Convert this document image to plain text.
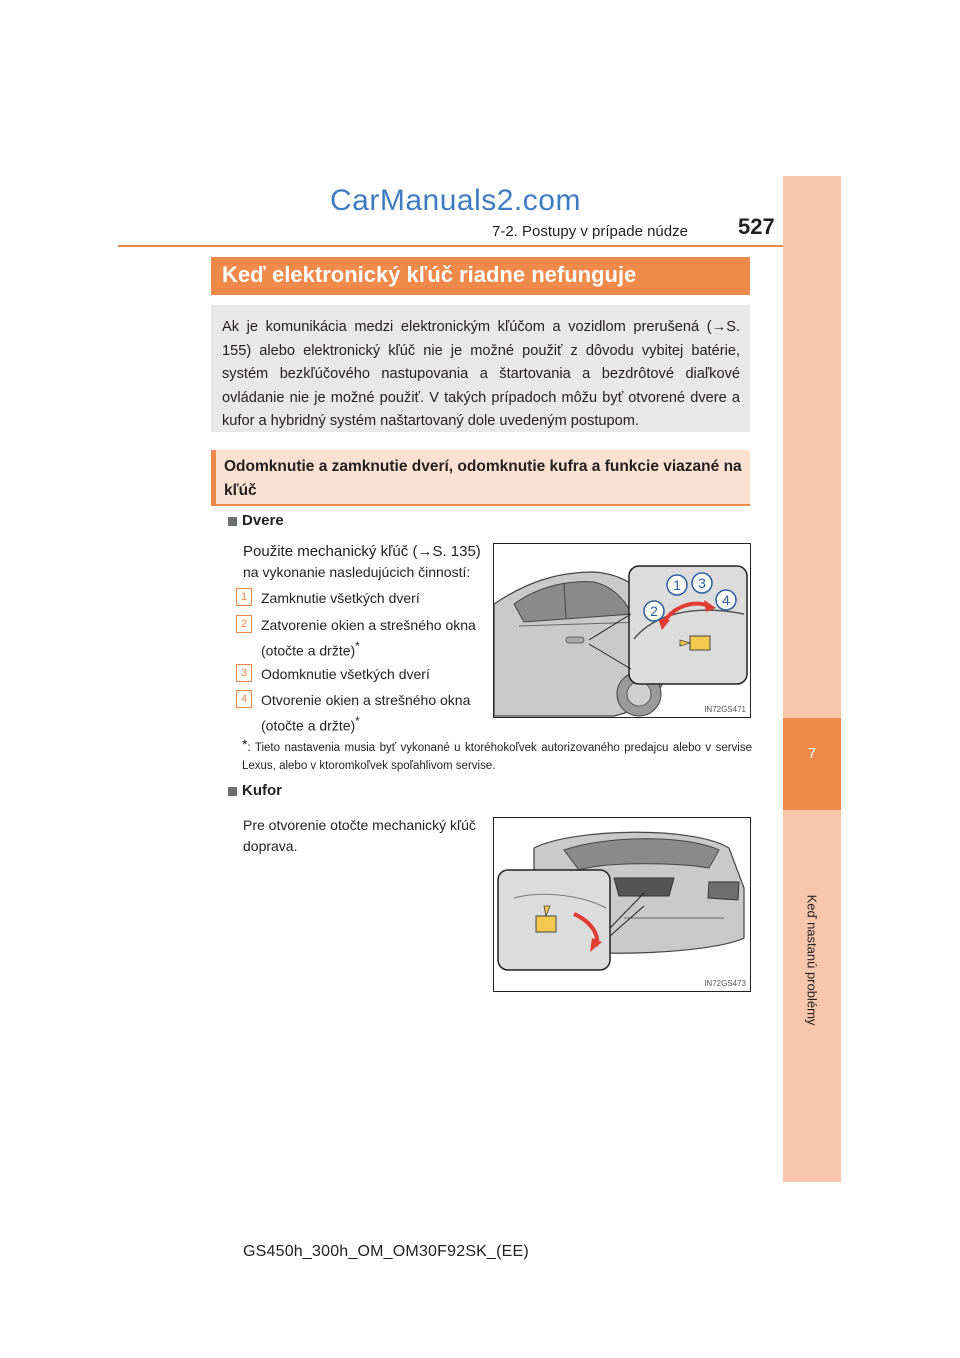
7
Keď nastanú problémy
CarManuals2.com
7-2. Postupy v prípade núdze 527
Keď elektronický kľúč riadne nefunguje
Ak je komunikácia medzi elektronickým kľúčom a vozidlom prerušená (→S. 155) alebo elektronický kľúč nie je možné použiť z dôvodu vybitej batérie, systém bezkľúčového nastupovania a štartovania a bezdrôtové diaľkové ovládanie nie je možné použiť. V takých prípadoch môžu byť otvorené dvere a kufor a hybridný systém naštartovaný dole uvedeným postupom.
Odomknutie a zamknutie dverí, odomknutie kufra a funkcie viazané na kľúč
Dvere
Použite mechanický kľúč (→S. 135)
na vykonanie nasledujúcich činností:
1 Zamknutie všetkých dverí
2 Zatvorenie okien a strešného okna
(otočte a držte)*
3 Odomknutie všetkých dverí
4 Otvorenie okien a strešného okna
(otočte a držte)*
1 3
2
4
IN72GS471
*: Tieto nastavenia musia byť vykonané u ktoréhokoľvek autorizovaného predajcu alebo v servise Lexus, alebo v ktoromkoľvek spoľahlivom servise.
Kufor
Pre otvorenie otočte mechanický kľúč
doprava.
IN72GS473
GS450h_300h_OM_OM30F92SK_(EE)
